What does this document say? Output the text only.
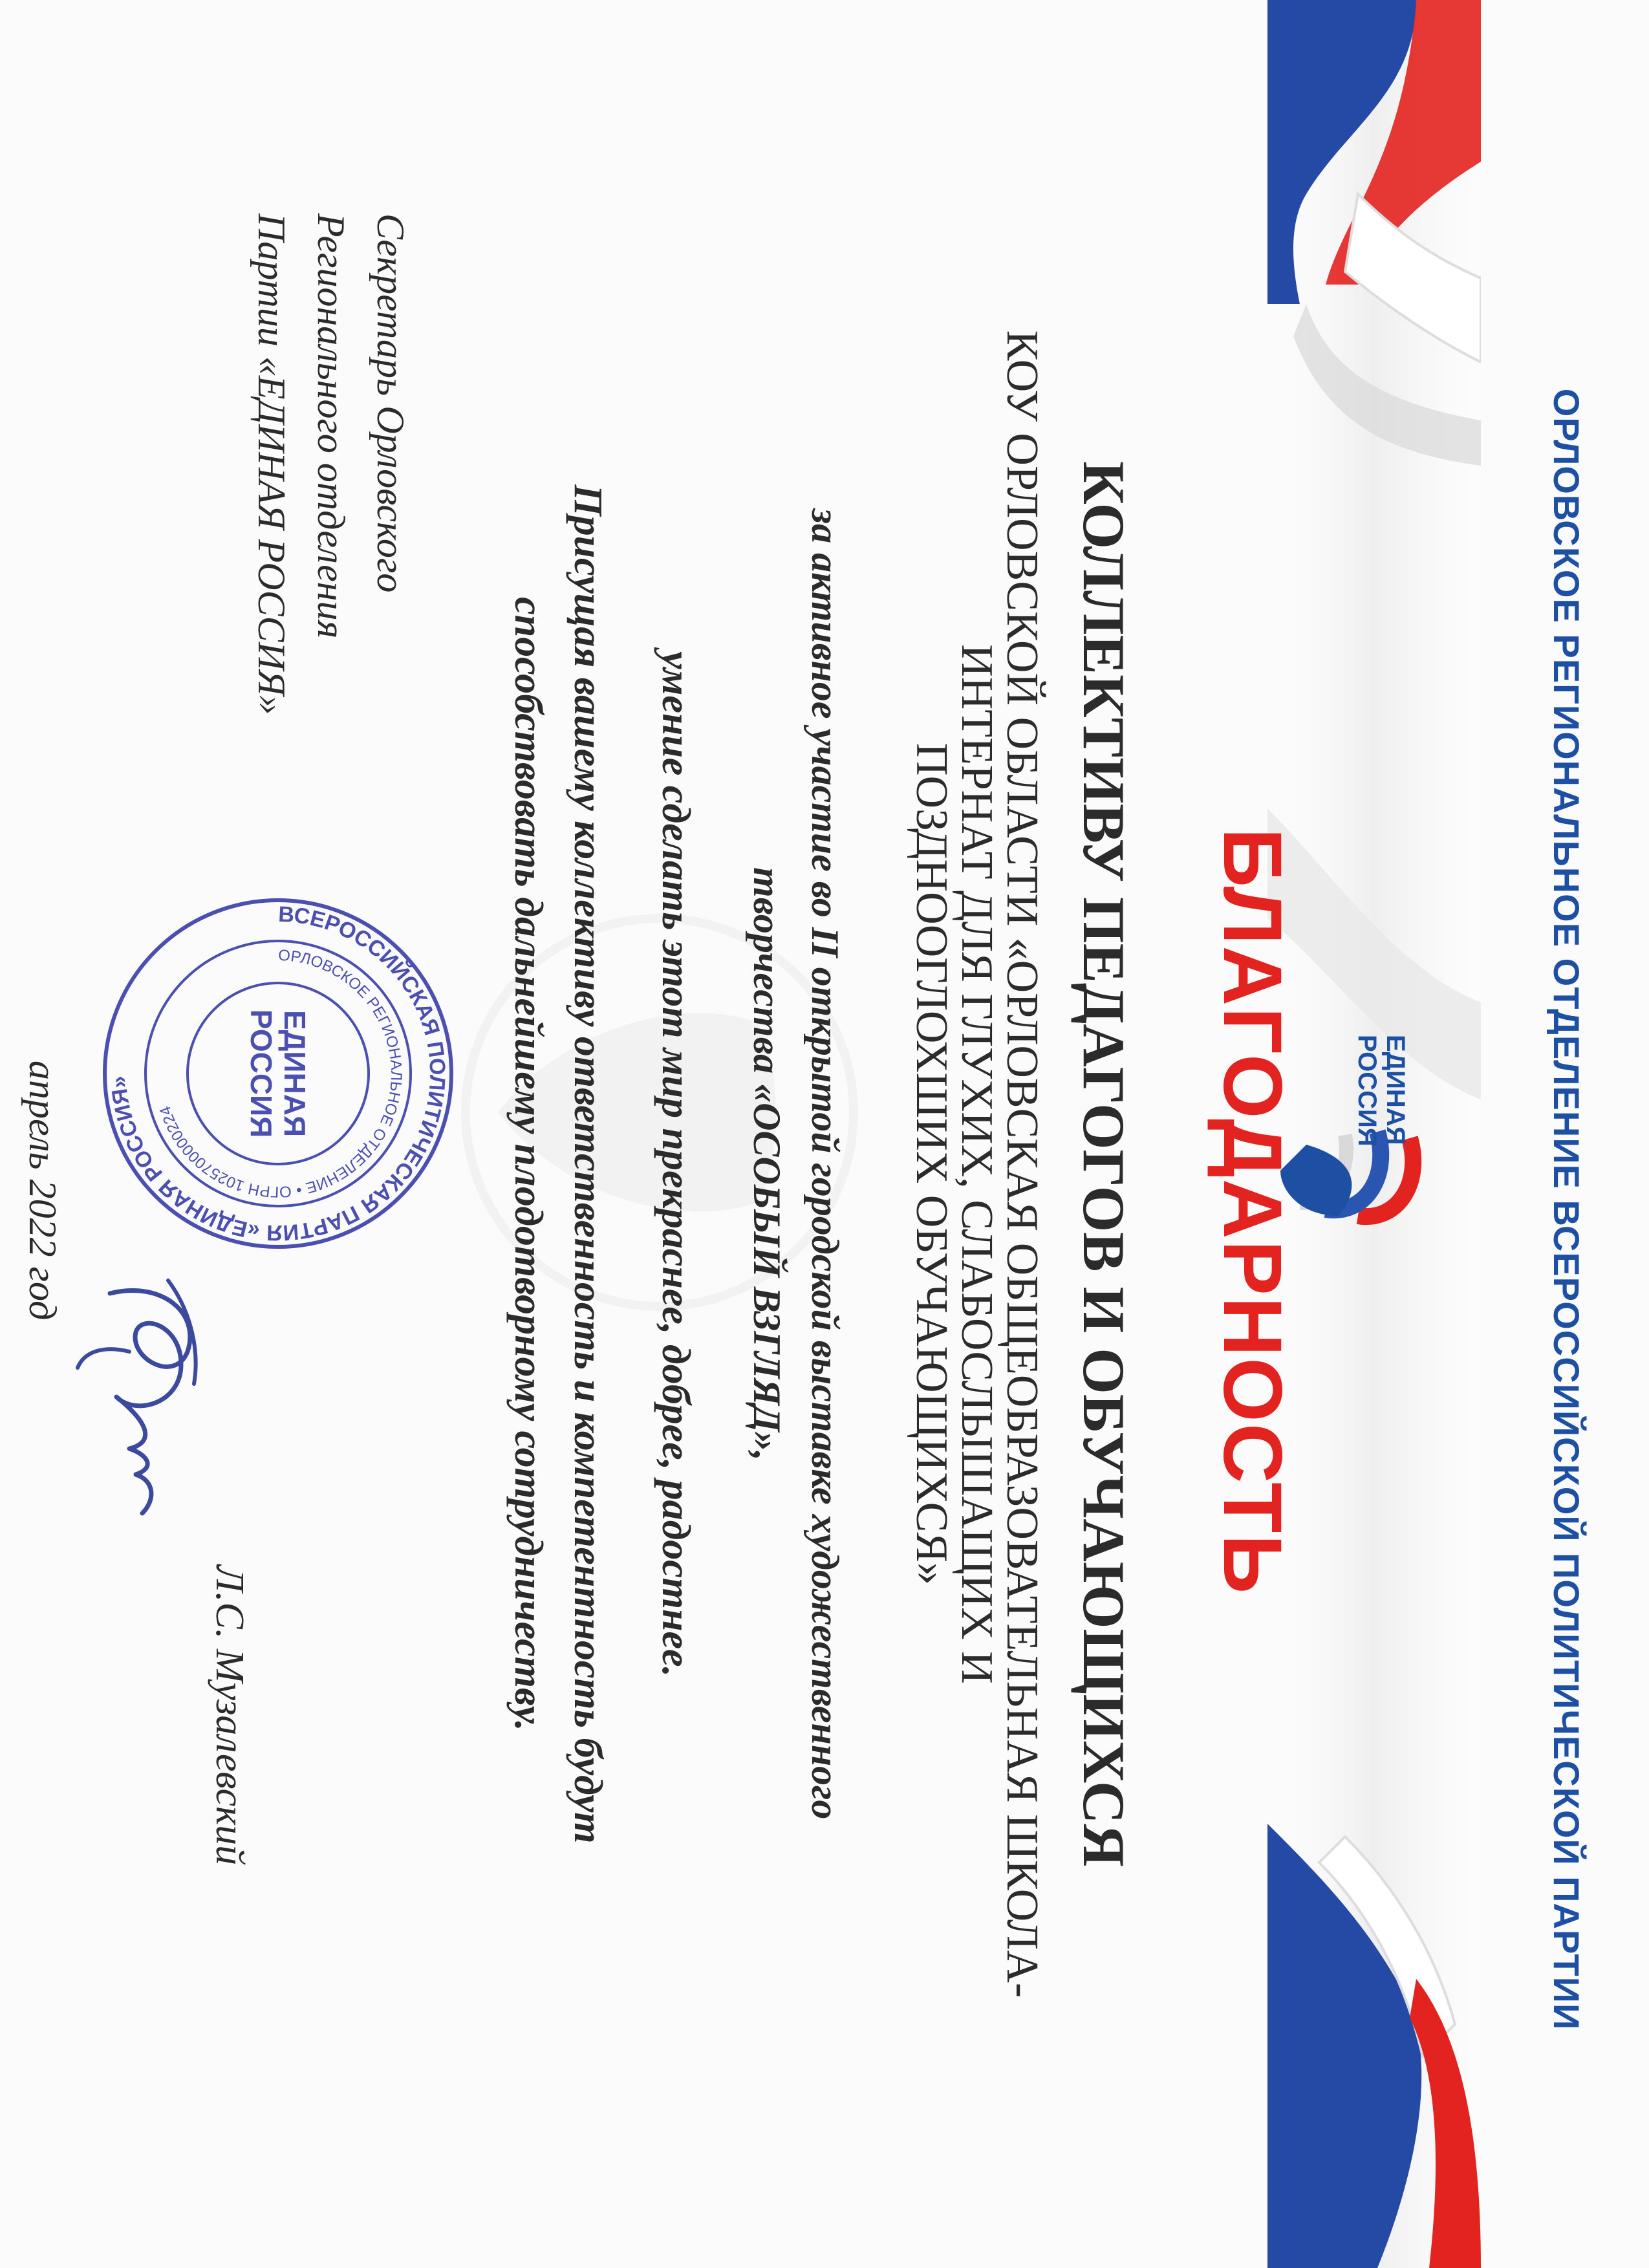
ОРЛОВСКОЕ РЕГИОНАЛЬНОЕ ОТДЕЛЕНИЕ ВСЕРОССИЙСКОЙ ПОЛИТИЧЕСКОЙ ПАРТИИ
ЕДИНАЯ
РОССИЯ
БЛАГОДАРНОСТЬ
КОЛЛЕКТИВУ ПЕДАГОГОВ И ОБУЧАЮЩИХСЯ
КОУ ОРЛОВСКОЙ ОБЛАСТИ «ОРЛОВСКАЯ ОБЩЕОБРАЗОВАТЕЛЬНАЯ ШКОЛА-
ИНТЕРНАТ ДЛЯ ГЛУХИХ, СЛАБОСЛЫШАЩИХ И
ПОЗДНООГЛОХШИХ ОБУЧАЮЩИХСЯ»
за активное участие во II открытой городской выставке художественного
творчества «ОСОБЫЙ ВЗГЛЯД»,
умение сделать этот мир прекраснее, добрее, радостнее.
Присущая вашему коллективу ответственность и компетентность будут
способствовать дальнейшему плодотворному сотрудничеству.
Секретарь Орловского
Регионального отделения
Партии «ЕДИНАЯ РОССИЯ»
ВСЕРОССИЙСКАЯ ПОЛИТИЧЕСКАЯ ПАРТИЯ «ЕДИНАЯ РОССИЯ»
ОРЛОВСКОЕ РЕГИОНАЛЬНОЕ ОТДЕЛЕНИЕ • ОГРН 1025700000224	ЕДИНАЯ
РОССИЯ
Л.С. Музалевский
апрель 2022 год
